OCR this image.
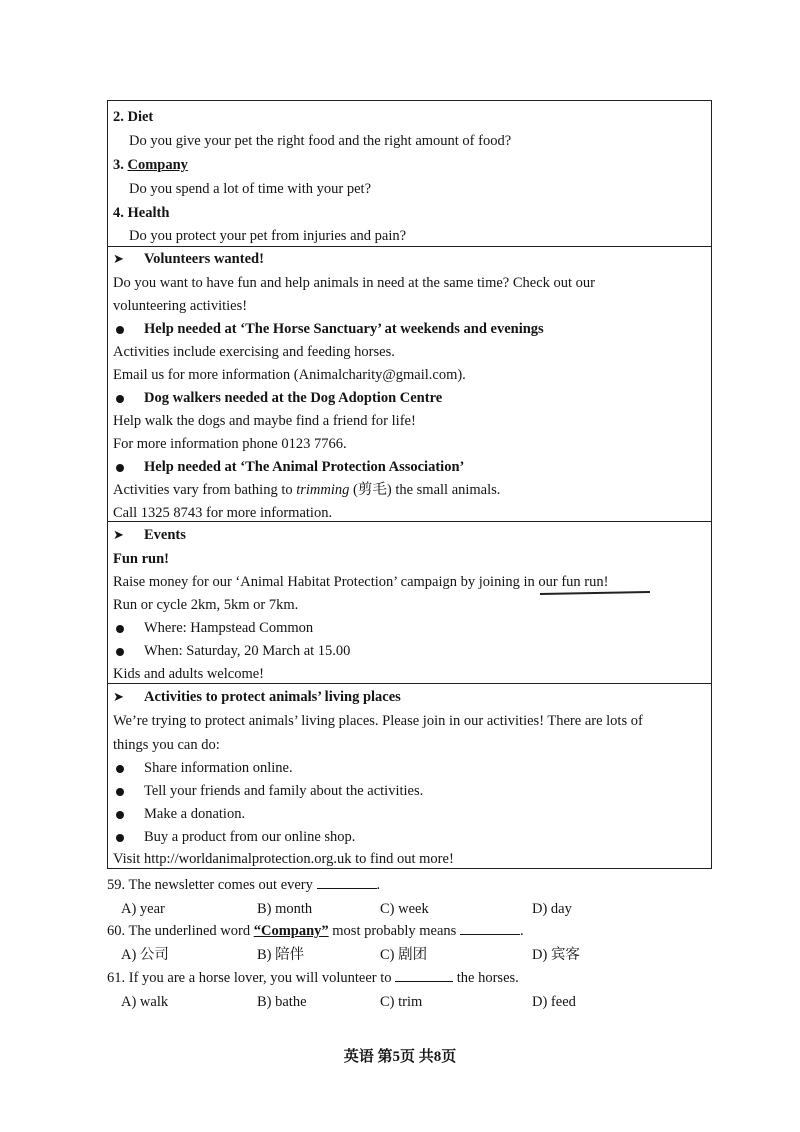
2. Diet
Do you give your pet the right food and the right amount of food?
3. Company
Do you spend a lot of time with your pet?
4. Health
Do you protect your pet from injuries and pain?
➤ Volunteers wanted!
Do you want to have fun and help animals in need at the same time? Check out our
volunteering activities!
Help needed at ‘The Horse Sanctuary’ at weekends and evenings
Activities include exercising and feeding horses.
Email us for more information (Animalcharity@gmail.com).
Dog walkers needed at the Dog Adoption Centre
Help walk the dogs and maybe find a friend for life!
For more information phone 0123 7766.
Help needed at ‘The Animal Protection Association’
Activities vary from bathing to trimming (剪毛) the small animals.
Call 1325 8743 for more information.
➤ Events
Fun run!
Raise money for our ‘Animal Habitat Protection’ campaign by joining in our fun run!
Run or cycle 2km, 5km or 7km.
Where: Hampstead Common
When: Saturday, 20 March at 15.00
Kids and adults welcome!
➤ Activities to protect animals’ living places
We’re trying to protect animals’ living places. Please join in our activities! There are lots of
things you can do:
Share information online.
Tell your friends and family about the activities.
Make a donation.
Buy a product from our online shop.
Visit http://worldanimalprotection.org.uk to find out more!
59. The newsletter comes out every	.
A) year	B) month	C) week	D) day
60. The underlined word “Company” most probably means	.
A) 公司	B) 陪伴	C) 剧团	D) 宾客
61. If you are a horse lover, you will volunteer to	the horses.
A) walk	B) bathe	C) trim	D) feed
英语 第5页 共8页
